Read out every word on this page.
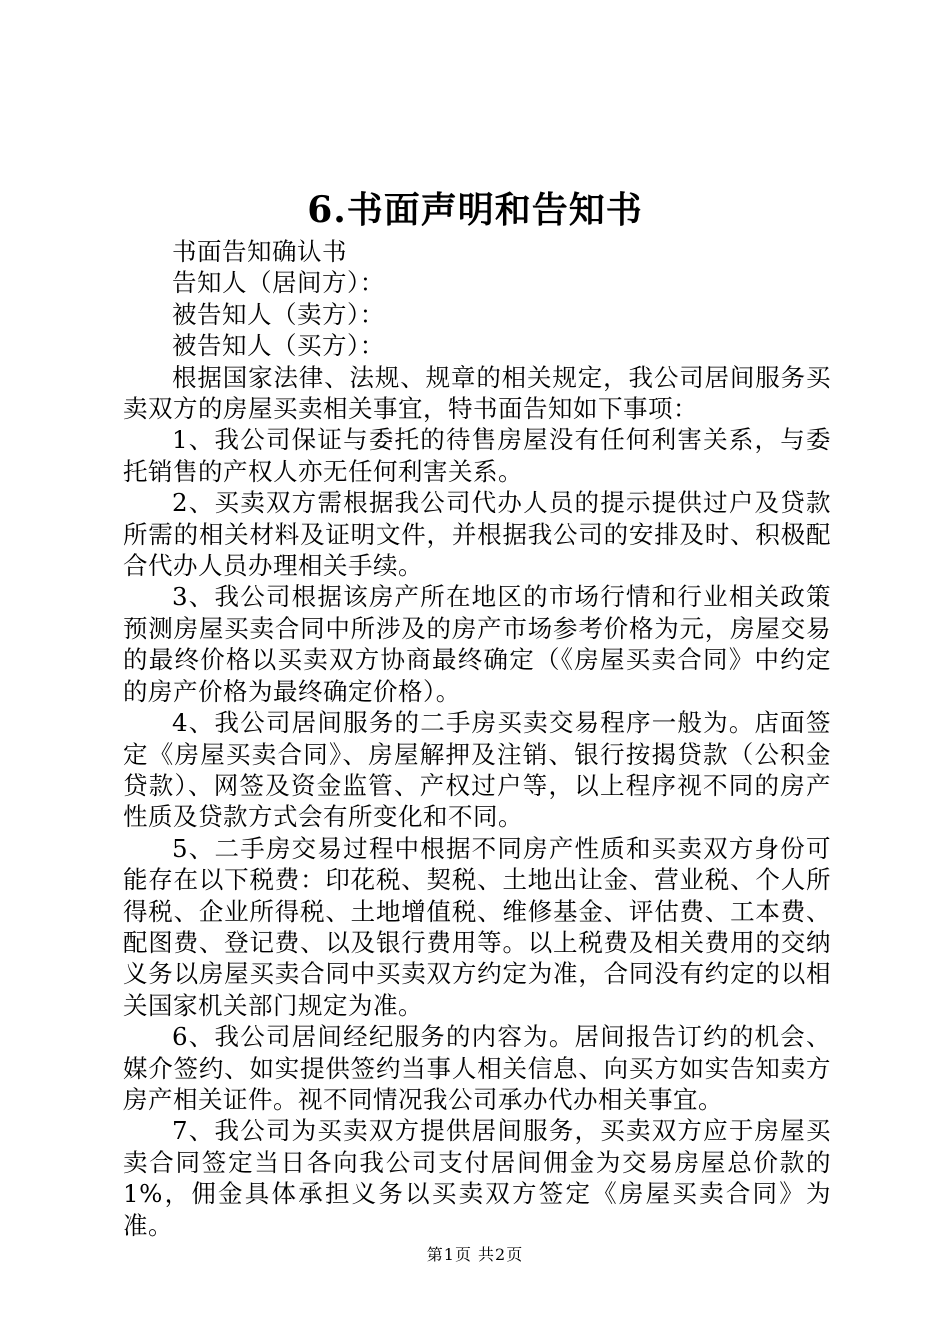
6.书面声明和告知书

书面告知确认书

告知人（居间方）：

被告知人（卖方）：

被告知人（买方）：

根据国家法律、法规、规章的相关规定，我公司居间服务买卖双方的房屋买卖相关事宜，特书面告知如下事项：

1、我公司保证与委托的待售房屋没有任何利害关系，与委托销售的产权人亦无任何利害关系。

2、买卖双方需根据我公司代办人员的提示提供过户及贷款所需的相关材料及证明文件，并根据我公司的安排及时、积极配合代办人员办理相关手续。

3、我公司根据该房产所在地区的市场行情和行业相关政策预测房屋买卖合同中所涉及的房产市场参考价格为元，房屋交易的最终价格以买卖双方协商最终确定（《房屋买卖合同》中约定的房产价格为最终确定价格）。

4、我公司居间服务的二手房买卖交易程序一般为。店面签定《房屋买卖合同》、房屋解押及注销、银行按揭贷款（公积金贷款）、网签及资金监管、产权过户等，以上程序视不同的房产性质及贷款方式会有所变化和不同。

5、二手房交易过程中根据不同房产性质和买卖双方身份可能存在以下税费：印花税、契税、土地出让金、营业税、个人所得税、企业所得税、土地增值税、维修基金、评估费、工本费、配图费、登记费、以及银行费用等。以上税费及相关费用的交纳义务以房屋买卖合同中买卖双方约定为准，合同没有约定的以相关国家机关部门规定为准。

6、我公司居间经纪服务的内容为。居间报告订约的机会、媒介签约、如实提供签约当事人相关信息、向买方如实告知卖方房产相关证件。视不同情况我公司承办代办相关事宜。

7、我公司为买卖双方提供居间服务，买卖双方应于房屋买卖合同签定当日各向我公司支付居间佣金为交易房屋总价款的1%，佣金具体承担义务以买卖双方签定《房屋买卖合同》为准。

第1页 共2页
